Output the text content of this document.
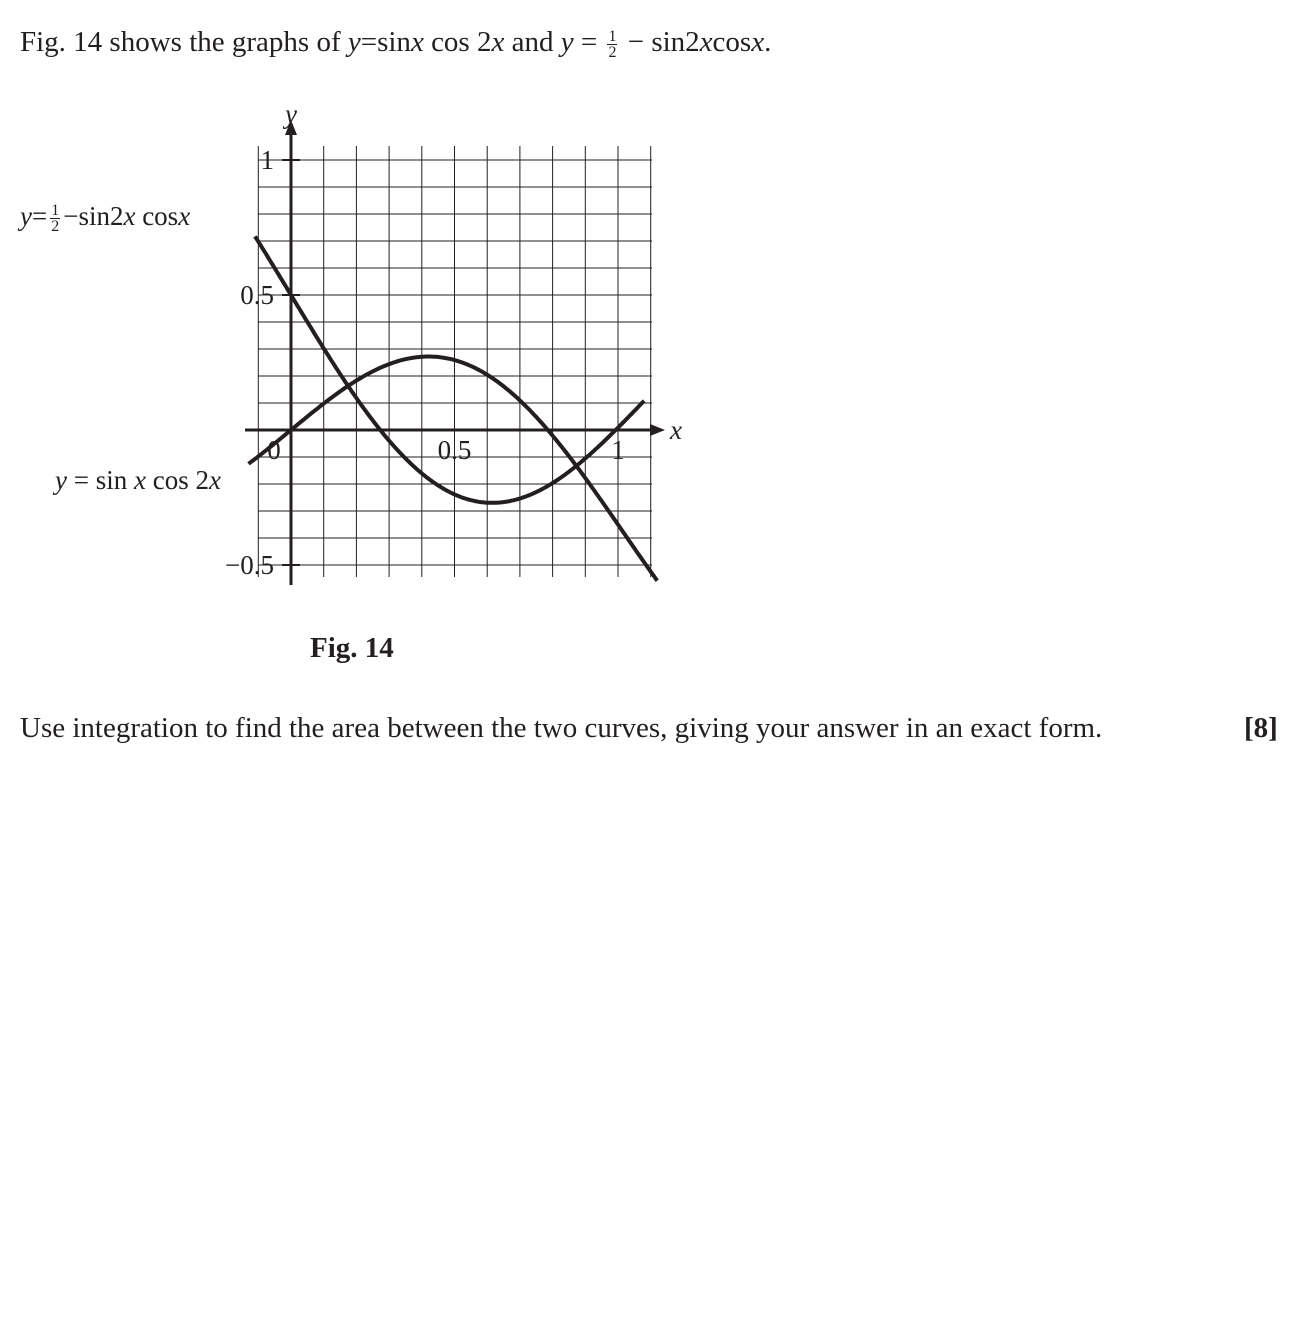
Fig. 14 shows the graphs of y=sinx cos 2x and $y = \frac{1}{2} - \sin 2xcosx$.
x
y
1
0.5
−0.5
0	0.5	1
$y= \frac{1}{2} -\sin 2x$ cosx
y = sin x cos 2x
Fig. 14
Use integration to find the area between the two curves, giving your answer in an exact form.	[8]
